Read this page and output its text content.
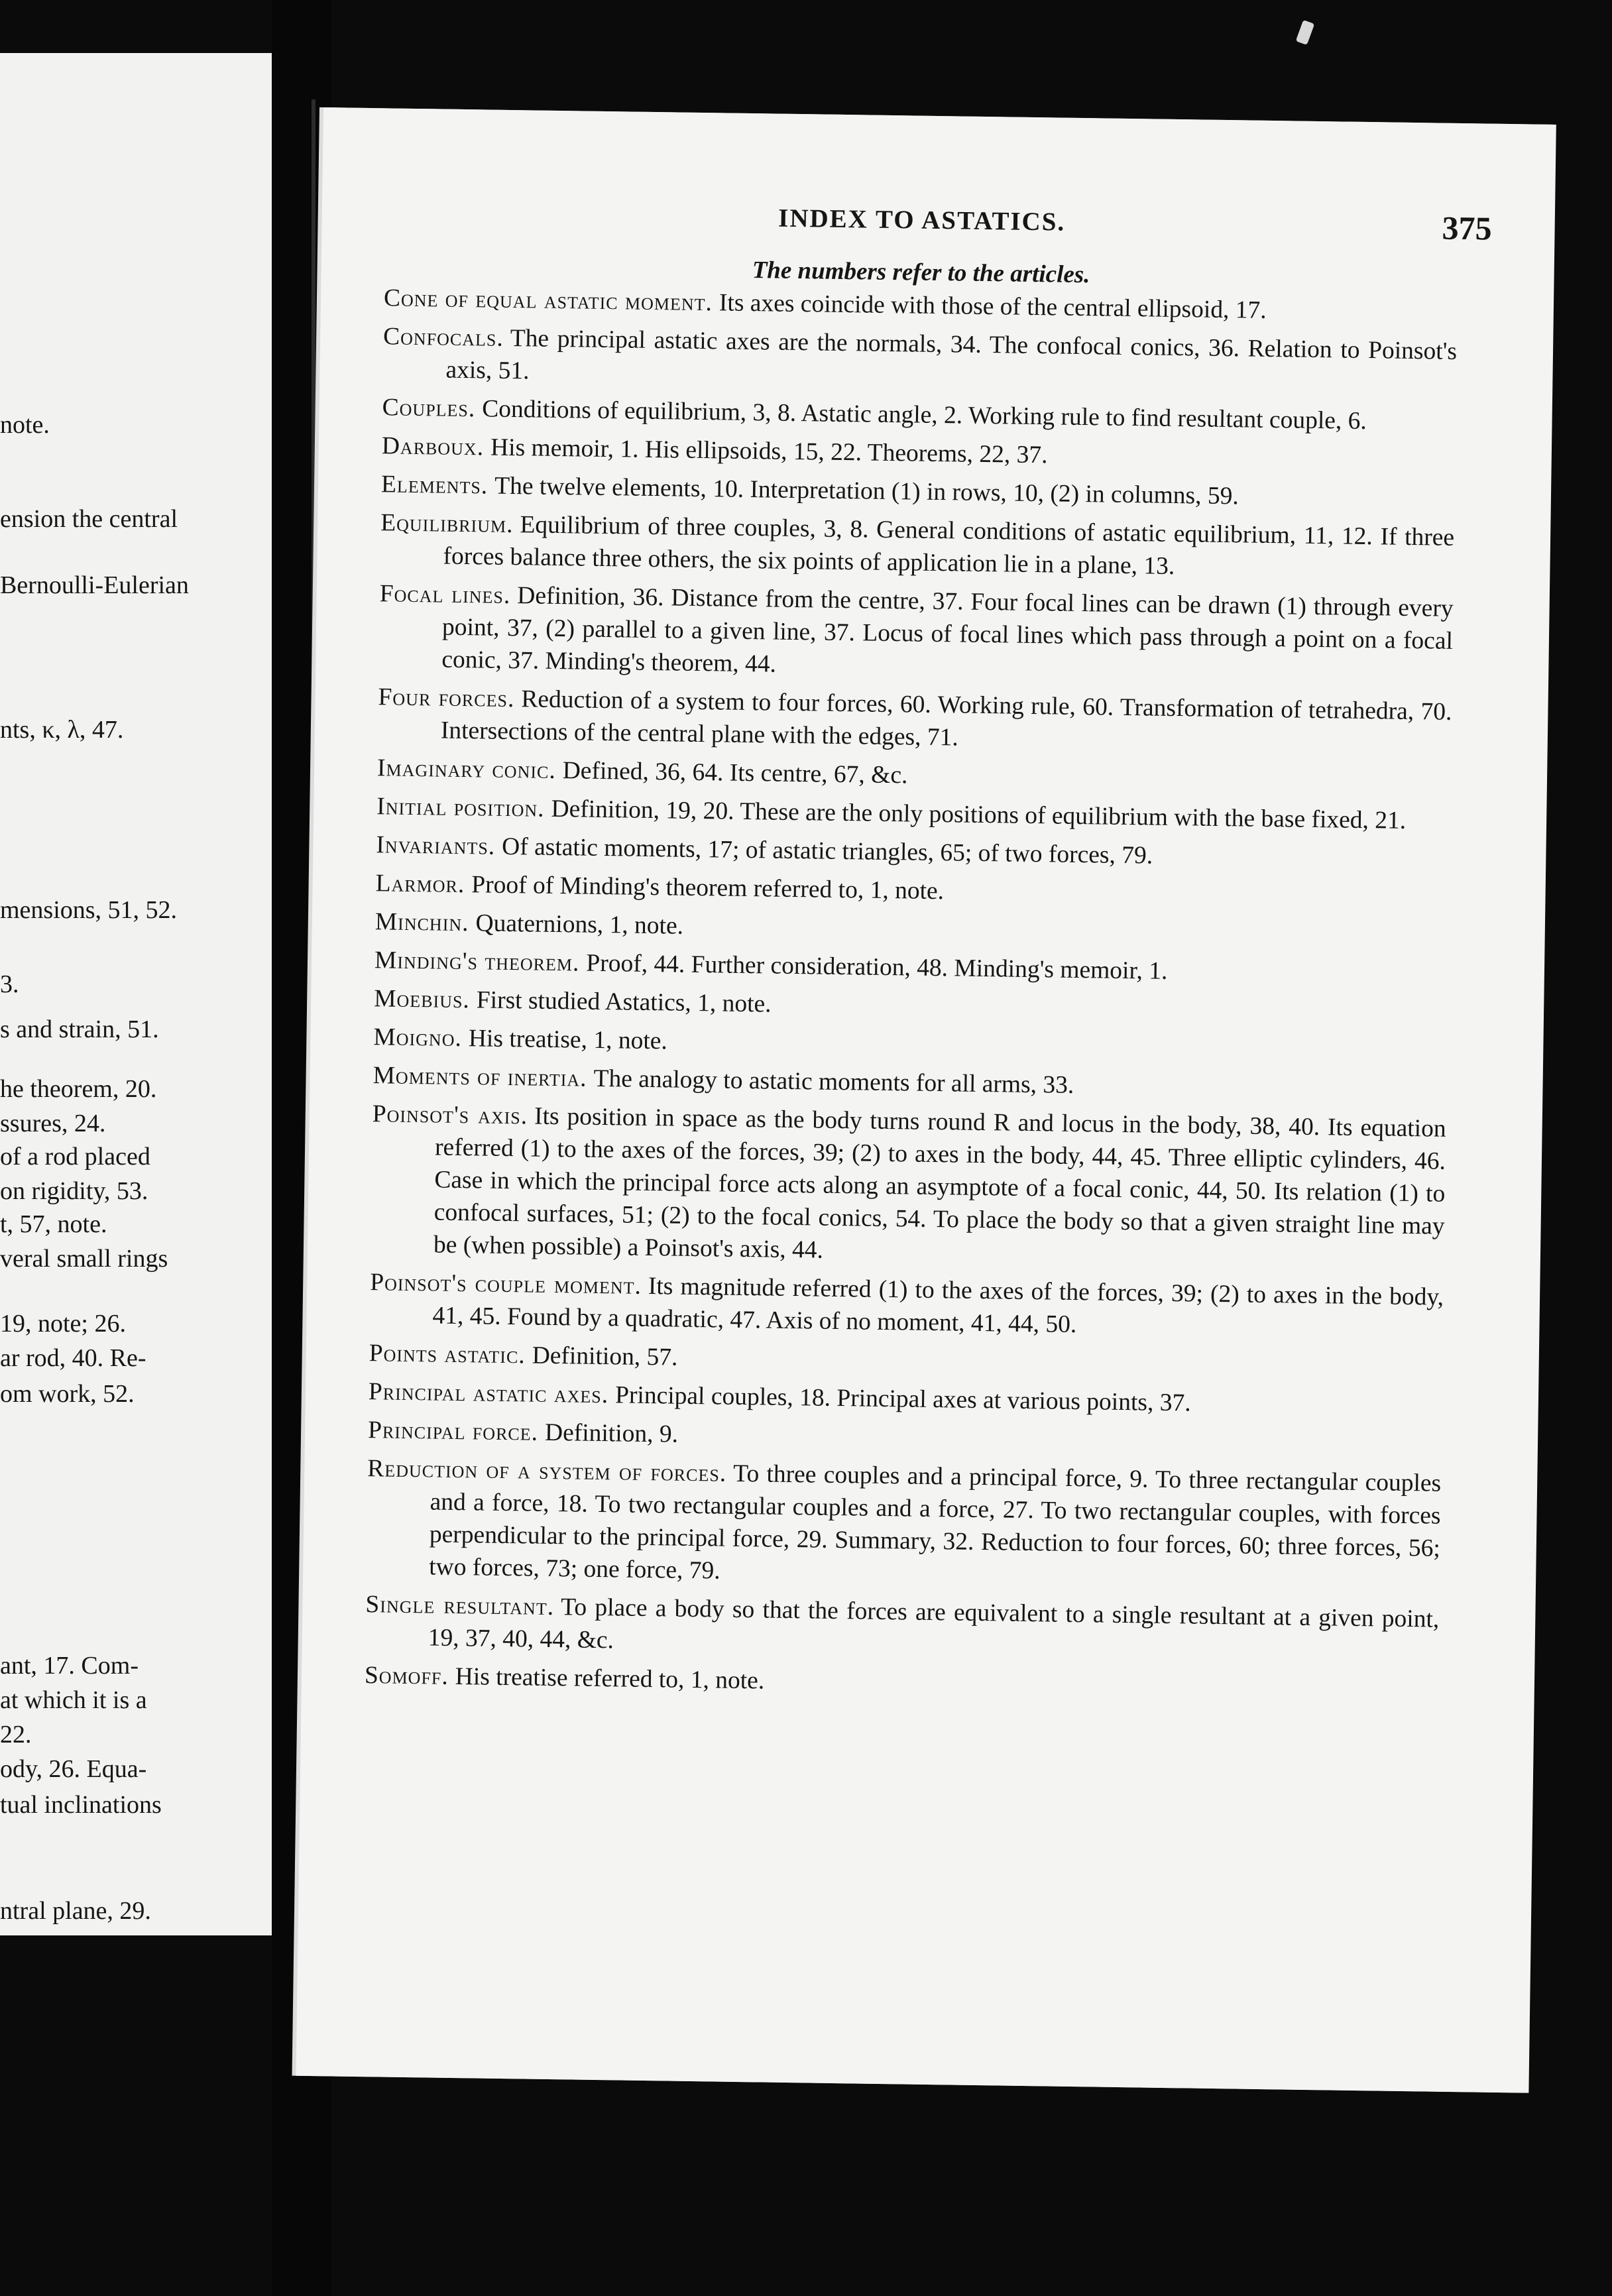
note.
ension the central
Bernoulli-Eulerian
nts, κ, λ, 47.
mensions, 51, 52.
3.
s and strain, 51.
he theorem, 20.
ssures, 24.
of a rod placed
on rigidity, 53.
t, 57, note.
veral small rings
19, note; 26.
ar rod, 40. Re-
om work, 52.
ant, 17. Com-
at which it is a
22.
ody, 26. Equa-
tual inclinations
ntral plane, 29.
INDEX TO ASTATICS.	375
The numbers refer to the articles.
Cone of equal astatic moment. Its axes coincide with those of the central ellipsoid, 17.
Confocals. The principal astatic axes are the normals, 34. The confocal conics, 36. Relation to Poinsot's axis, 51.
Couples. Conditions of equilibrium, 3, 8. Astatic angle, 2. Working rule to find resultant couple, 6.
Darboux. His memoir, 1. His ellipsoids, 15, 22. Theorems, 22, 37.
Elements. The twelve elements, 10. Interpretation (1) in rows, 10, (2) in columns, 59.
Equilibrium. Equilibrium of three couples, 3, 8. General conditions of astatic equilibrium, 11, 12. If three forces balance three others, the six points of application lie in a plane, 13.
Focal lines. Definition, 36. Distance from the centre, 37. Four focal lines can be drawn (1) through every point, 37, (2) parallel to a given line, 37. Locus of focal lines which pass through a point on a focal conic, 37. Minding's theorem, 44.
Four forces. Reduction of a system to four forces, 60. Working rule, 60. Transformation of tetrahedra, 70. Intersections of the central plane with the edges, 71.
Imaginary conic. Defined, 36, 64. Its centre, 67, &c.
Initial position. Definition, 19, 20. These are the only positions of equilibrium with the base fixed, 21.
Invariants. Of astatic moments, 17; of astatic triangles, 65; of two forces, 79.
Larmor. Proof of Minding's theorem referred to, 1, note.
Minchin. Quaternions, 1, note.
Minding's theorem. Proof, 44. Further consideration, 48. Minding's memoir, 1.
Moebius. First studied Astatics, 1, note.
Moigno. His treatise, 1, note.
Moments of inertia. The analogy to astatic moments for all arms, 33.
Poinsot's axis. Its position in space as the body turns round R and locus in the body, 38, 40. Its equation referred (1) to the axes of the forces, 39; (2) to axes in the body, 44, 45. Three elliptic cylinders, 46. Case in which the principal force acts along an asymptote of a focal conic, 44, 50. Its relation (1) to confocal surfaces, 51; (2) to the focal conics, 54. To place the body so that a given straight line may be (when possible) a Poinsot's axis, 44.
Poinsot's couple moment. Its magnitude referred (1) to the axes of the forces, 39; (2) to axes in the body, 41, 45. Found by a quadratic, 47. Axis of no moment, 41, 44, 50.
Points astatic. Definition, 57.
Principal astatic axes. Principal couples, 18. Principal axes at various points, 37.
Principal force. Definition, 9.
Reduction of a system of forces. To three couples and a principal force, 9. To three rectangular couples and a force, 18. To two rectangular couples and a force, 27. To two rectangular couples, with forces perpendicular to the principal force, 29. Summary, 32. Reduction to four forces, 60; three forces, 56; two forces, 73; one force, 79.
Single resultant. To place a body so that the forces are equivalent to a single resultant at a given point, 19, 37, 40, 44, &c.
Somoff. His treatise referred to, 1, note.
